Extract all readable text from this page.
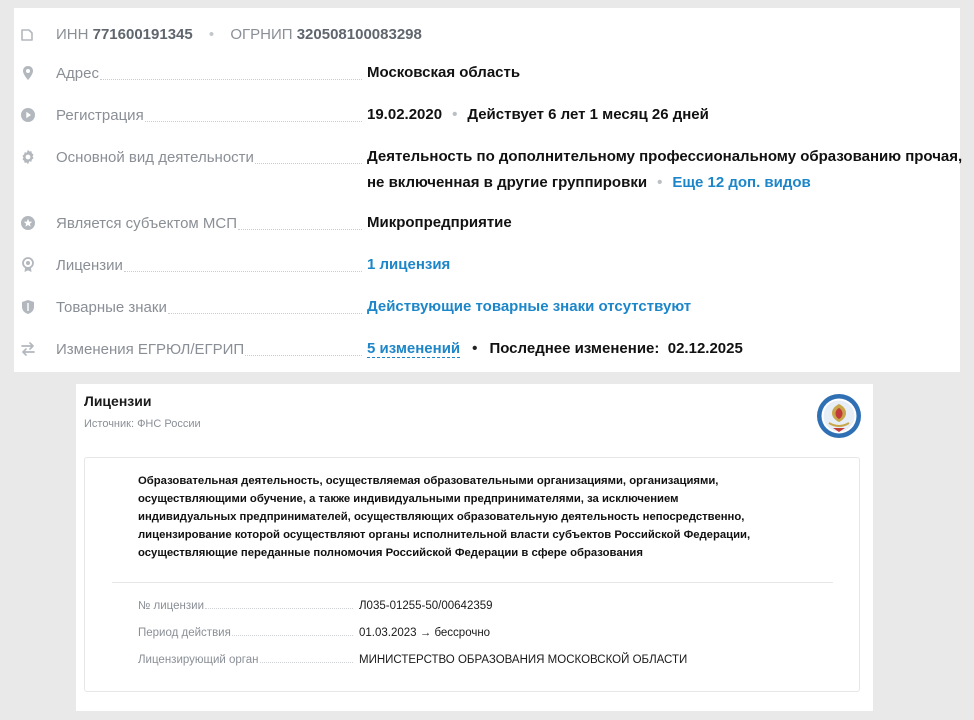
ИНН 771600191345 • ОГРНИП 320508100083298
Адрес	Московская область
Регистрация	19.02.2020 • Действует 6 лет 1 месяц 26 дней
Основной вид деятельности	Деятельность по дополнительному профессиональному образованию прочая,
не включенная в другие группировки • Еще 12 доп. видов
Является субъектом МСП	Микропредприятие
Лицензии	1 лицензия
Товарные знаки	Действующие товарные знаки отсутствуют
Изменения ЕГРЮЛ/ЕГРИП	5 изменений • Последнее изменение: 02.12.2025
Лицензии
Источник: ФНС России
Образовательная деятельность, осуществляемая образовательными организациями, организациями,
осуществляющими обучение, а также индивидуальными предпринимателями, за исключением
индивидуальных предпринимателей, осуществляющих образовательную деятельность непосредственно,
лицензирование которой осуществляют органы исполнительной власти субъектов Российской Федерации,
осуществляющие переданные полномочия Российской Федерации в сфере образования
№ лицензии	Л035-01255-50/00642359
Период действия	01.03.2023 → бессрочно
Лицензирующий орган	МИНИСТЕРСТВО ОБРАЗОВАНИЯ МОСКОВСКОЙ ОБЛАСТИ
